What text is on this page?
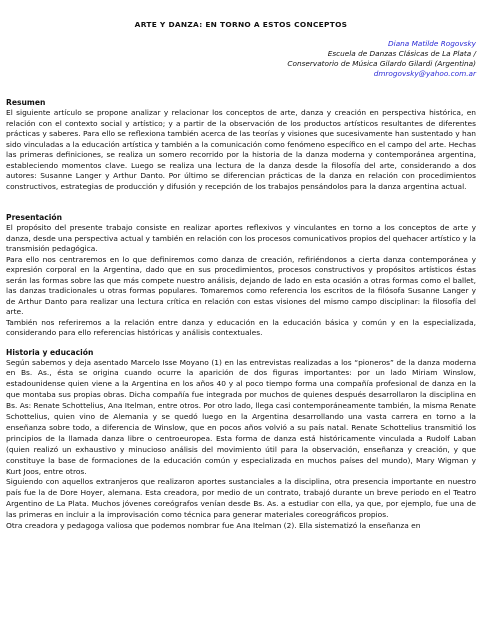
ARTE Y DANZA: EN TORNO A ESTOS CONCEPTOS
Diana Matilde Rogovsky
Escuela de Danzas Clásicas de La Plata /
Conservatorio de Música Gilardo Gilardi (Argentina)
dmrogovsky@yahoo.com.ar
Resumen

El siguiente artículo se propone analizar y relacionar los conceptos de arte, danza y creación en perspectiva histórica, en relación con el contexto social y artístico; y a partir de la observación de los productos artísticos resultantes de diferentes prácticas y saberes. Para ello se reflexiona también acerca de las teorías y visiones que sucesivamente han sustentado y han sido vinculadas a la educación artística y también a la comunicación como fenómeno específico en el campo del arte. Hechas las primeras definiciones, se realiza un somero recorrido por la historia de la danza moderna y contemporánea argentina, estableciendo momentos clave. Luego se realiza una lectura de la danza desde la filosofía del arte, considerando a dos autores: Susanne Langer y Arthur Danto. Por último se diferencian prácticas de la danza en relación con procedimientos constructivos, estrategias de producción y difusión y recepción de los trabajos pensándolos para la danza argentina actual.

Presentación

El propósito del presente trabajo consiste en realizar aportes reflexivos y vinculantes en torno a los conceptos de arte y danza, desde una perspectiva actual y también en relación con los procesos comunicativos propios del quehacer artístico y la transmisión pedagógica.

Para ello nos centraremos en lo que definiremos como danza de creación, refiriéndonos a cierta danza contemporánea y expresión corporal en la Argentina, dado que en sus procedimientos, procesos constructivos y propósitos artísticos éstas serán las formas sobre las que más compete nuestro análisis, dejando de lado en esta ocasión a otras formas como el ballet, las danzas tradicionales u otras formas populares. Tomaremos como referencia los escritos de la filósofa Susanne Langer y de Arthur Danto para realizar una lectura crítica en relación con estas visiones del mismo campo disciplinar: la filosofía del arte.

También nos referiremos a la relación entre danza y educación en la educación básica y común y en la especializada, considerando para ello referencias históricas y análisis contextuales.

Historia y educación

Según sabemos y deja asentado Marcelo Isse Moyano (1) en las entrevistas realizadas a los “pioneros” de la danza moderna en Bs. As., ésta se origina cuando ocurre la aparición de dos figuras importantes: por un lado Miriam Winslow, estadounidense quien viene a la Argentina en los años 40 y al poco tiempo forma una compañía profesional de danza en la que montaba sus propias obras. Dicha compañía fue integrada por muchos de quienes después desarrollaron la disciplina en Bs. As: Renate Schottelius, Ana Itelman, entre otros. Por otro lado, llega casi contemporáneamente también, la misma Renate Schottelius, quien vino de Alemania y se quedó luego en la Argentina desarrollando una vasta carrera en torno a la enseñanza sobre todo, a diferencia de Winslow, que en pocos años volvió a su país natal. Renate Schottelius transmitió los principios de la llamada danza libre o centroeuropea. Esta forma de danza está históricamente vinculada a Rudolf Laban (quien realizó un exhaustivo y minucioso análisis del movimiento útil para la observación, enseñanza y creación, y que constituye la base de formaciones de la educación común y especializada en muchos países del mundo), Mary Wigman y Kurt Joos, entre otros.

Siguiendo con aquellos extranjeros que realizaron aportes sustanciales a la disciplina, otra presencia importante en nuestro país fue la de Dore Hoyer, alemana. Esta creadora, por medio de un contrato, trabajó durante un breve periodo en el Teatro Argentino de La Plata. Muchos jóvenes coreógrafos venían desde Bs. As. a estudiar con ella, ya que, por ejemplo, fue una de las primeras en incluir a la improvisación como técnica para generar materiales coreográficos propios.

Otra creadora y pedagoga valiosa que podemos nombrar fue Ana Itelman (2). Ella sistematizó la enseñanza en
